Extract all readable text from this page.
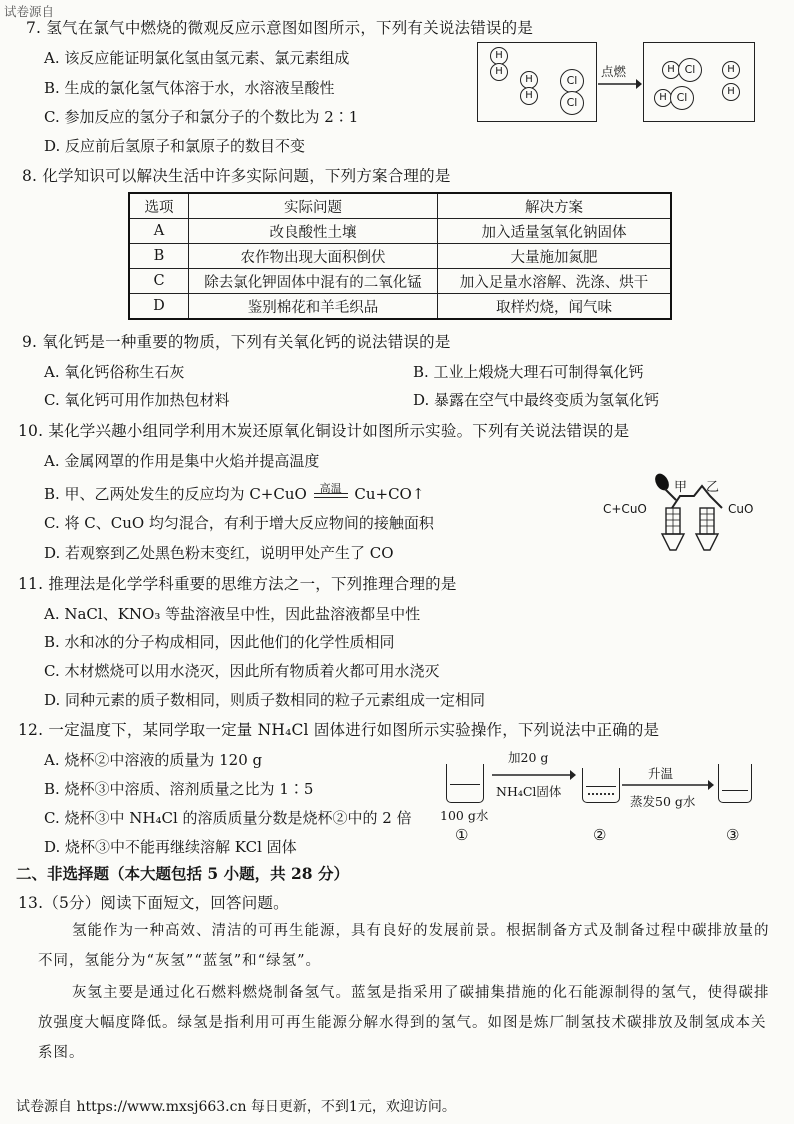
试卷源自
7. 氢气在氯气中燃烧的微观反应示意图如图所示，下列有关说法错误的是
A. 该反应能证明氯化氢由氢元素、氯元素组成
B. 生成的氯化氢气体溶于水，水溶液呈酸性
C. 参加反应的氢分子和氯分子的个数比为 2∶1
D. 反应前后氢原子和氯原子的数目不变
H
H
H
H
Cl
Cl
点燃	H Cl	H
H
H Cl
8. 化学知识可以解决生活中许多实际问题，下列方案合理的是
选项	实际问题	解决方案
A	改良酸性土壤	加入适量氢氧化钠固体
B	农作物出现大面积倒伏	大量施加氮肥
C	除去氯化钾固体中混有的二氧化锰	加入足量水溶解、洗涤、烘干
D	鉴别棉花和羊毛织品	取样灼烧，闻气味
9. 氧化钙是一种重要的物质，下列有关氧化钙的说法错误的是
A. 氧化钙俗称生石灰	B. 工业上煅烧大理石可制得氧化钙
C. 氧化钙可用作加热包材料	D. 暴露在空气中最终变质为氢氧化钙
10. 某化学兴趣小组同学利用木炭还原氧化铜设计如图所示实验。下列有关说法错误的是
A. 金属网罩的作用是集中火焰并提高温度
B. 甲、乙两处发生的反应均为 C+CuO	高温 Cu+CO↑
C. 将 C、CuO 均匀混合，有利于增大反应物间的接触面积
D. 若观察到乙处黑色粉末变红，说明甲处产生了 CO
C+CuO	CuO
甲 乙
11. 推理法是化学学科重要的思维方法之一，下列推理合理的是
A. NaCl、KNO₃ 等盐溶液呈中性，因此盐溶液都呈中性
B. 水和冰的分子构成相同，因此他们的化学性质相同
C. 木材燃烧可以用水浇灭，因此所有物质着火都可用水浇灭
D. 同种元素的质子数相同，则质子数相同的粒子元素组成一定相同
12. 一定温度下，某同学取一定量 NH₄Cl 固体进行如图所示实验操作，下列说法中正确的是
A. 烧杯②中溶液的质量为 120 g
B. 烧杯③中溶质、溶剂质量之比为 1∶5
C. 烧杯③中 NH₄Cl 的溶质质量分数是烧杯②中的 2 倍
D. 烧杯③中不能再继续溶解 KCl 固体
100 g水
①
加20 g
NH₄Cl固体
②
升温
蒸发50 g水
③
二、非选择题（本大题包括 5 小题，共 28 分）
13.（5分）阅读下面短文，回答问题。
氢能作为一种高效、清洁的可再生能源，具有良好的发展前景。根据制备方式及制备过程中碳排放量的不同，氢能分为“灰氢”“蓝氢”和“绿氢”。
灰氢主要是通过化石燃料燃烧制备氢气。蓝氢是指采用了碳捕集措施的化石能源制得的氢气，使得碳排放强度大幅度降低。绿氢是指利用可再生能源分解水得到的氢气。如图是炼厂制氢技术碳排放及制氢成本关系图。
试卷源自 https://www.mxsj663.cn 每日更新，不到1元，欢迎访问。
